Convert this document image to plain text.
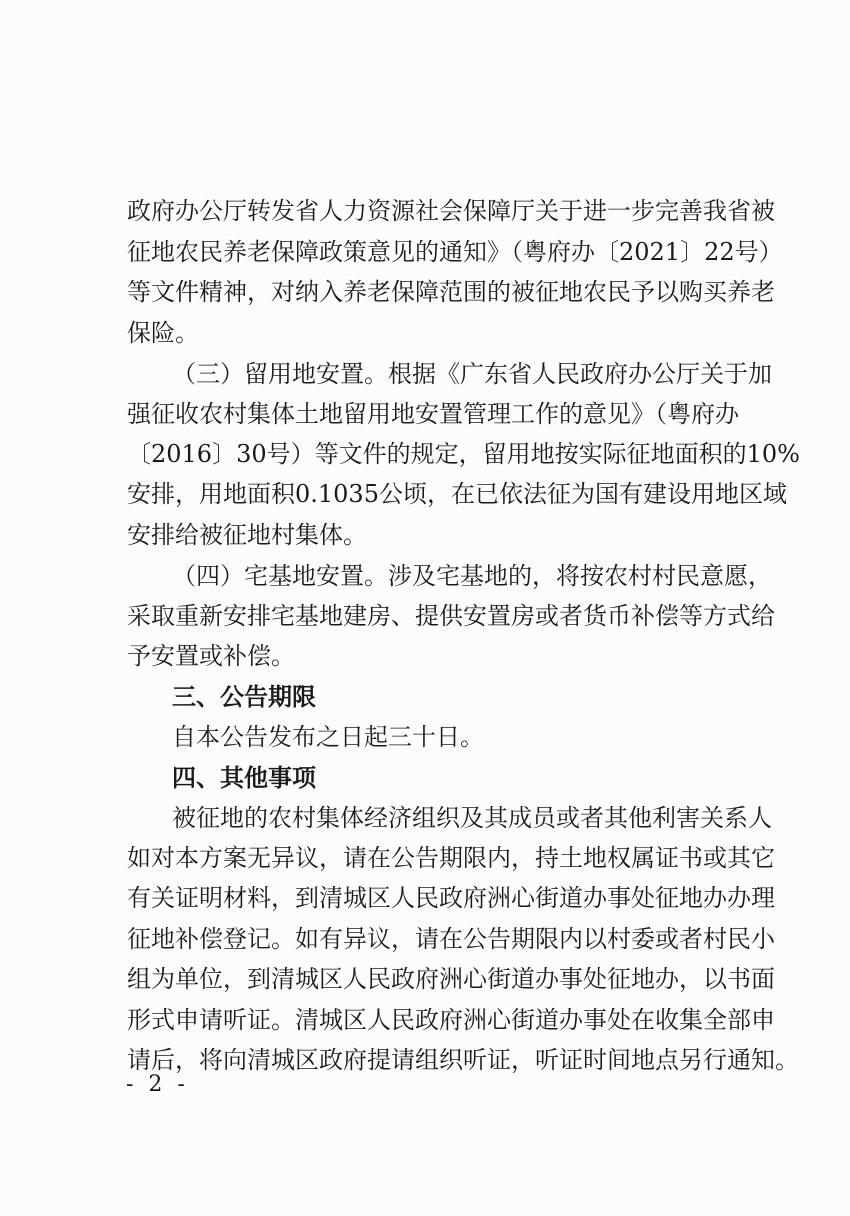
政府办公厅转发省人力资源社会保障厅关于进一步完善我省被
征地农民养老保障政策意见的通知》（粤府办〔2021〕22号）
等文件精神，对纳入养老保障范围的被征地农民予以购买养老
保险。
（三）留用地安置。根据《广东省人民政府办公厅关于加
强征收农村集体土地留用地安置管理工作的意见》（粤府办
〔2016〕30号）等文件的规定，留用地按实际征地面积的10%
安排，用地面积0.1035公顷，在已依法征为国有建设用地区域
安排给被征地村集体。
（四）宅基地安置。涉及宅基地的，将按农村村民意愿，
采取重新安排宅基地建房、提供安置房或者货币补偿等方式给
予安置或补偿。
三、公告期限
自本公告发布之日起三十日。
四、其他事项
被征地的农村集体经济组织及其成员或者其他利害关系人
如对本方案无异议，请在公告期限内，持土地权属证书或其它
有关证明材料，到清城区人民政府洲心街道办事处征地办办理
征地补偿登记。如有异议，请在公告期限内以村委或者村民小
组为单位，到清城区人民政府洲心街道办事处征地办，以书面
形式申请听证。清城区人民政府洲心街道办事处在收集全部申
请后，将向清城区政府提请组织听证，听证时间地点另行通知。
- 2 -
